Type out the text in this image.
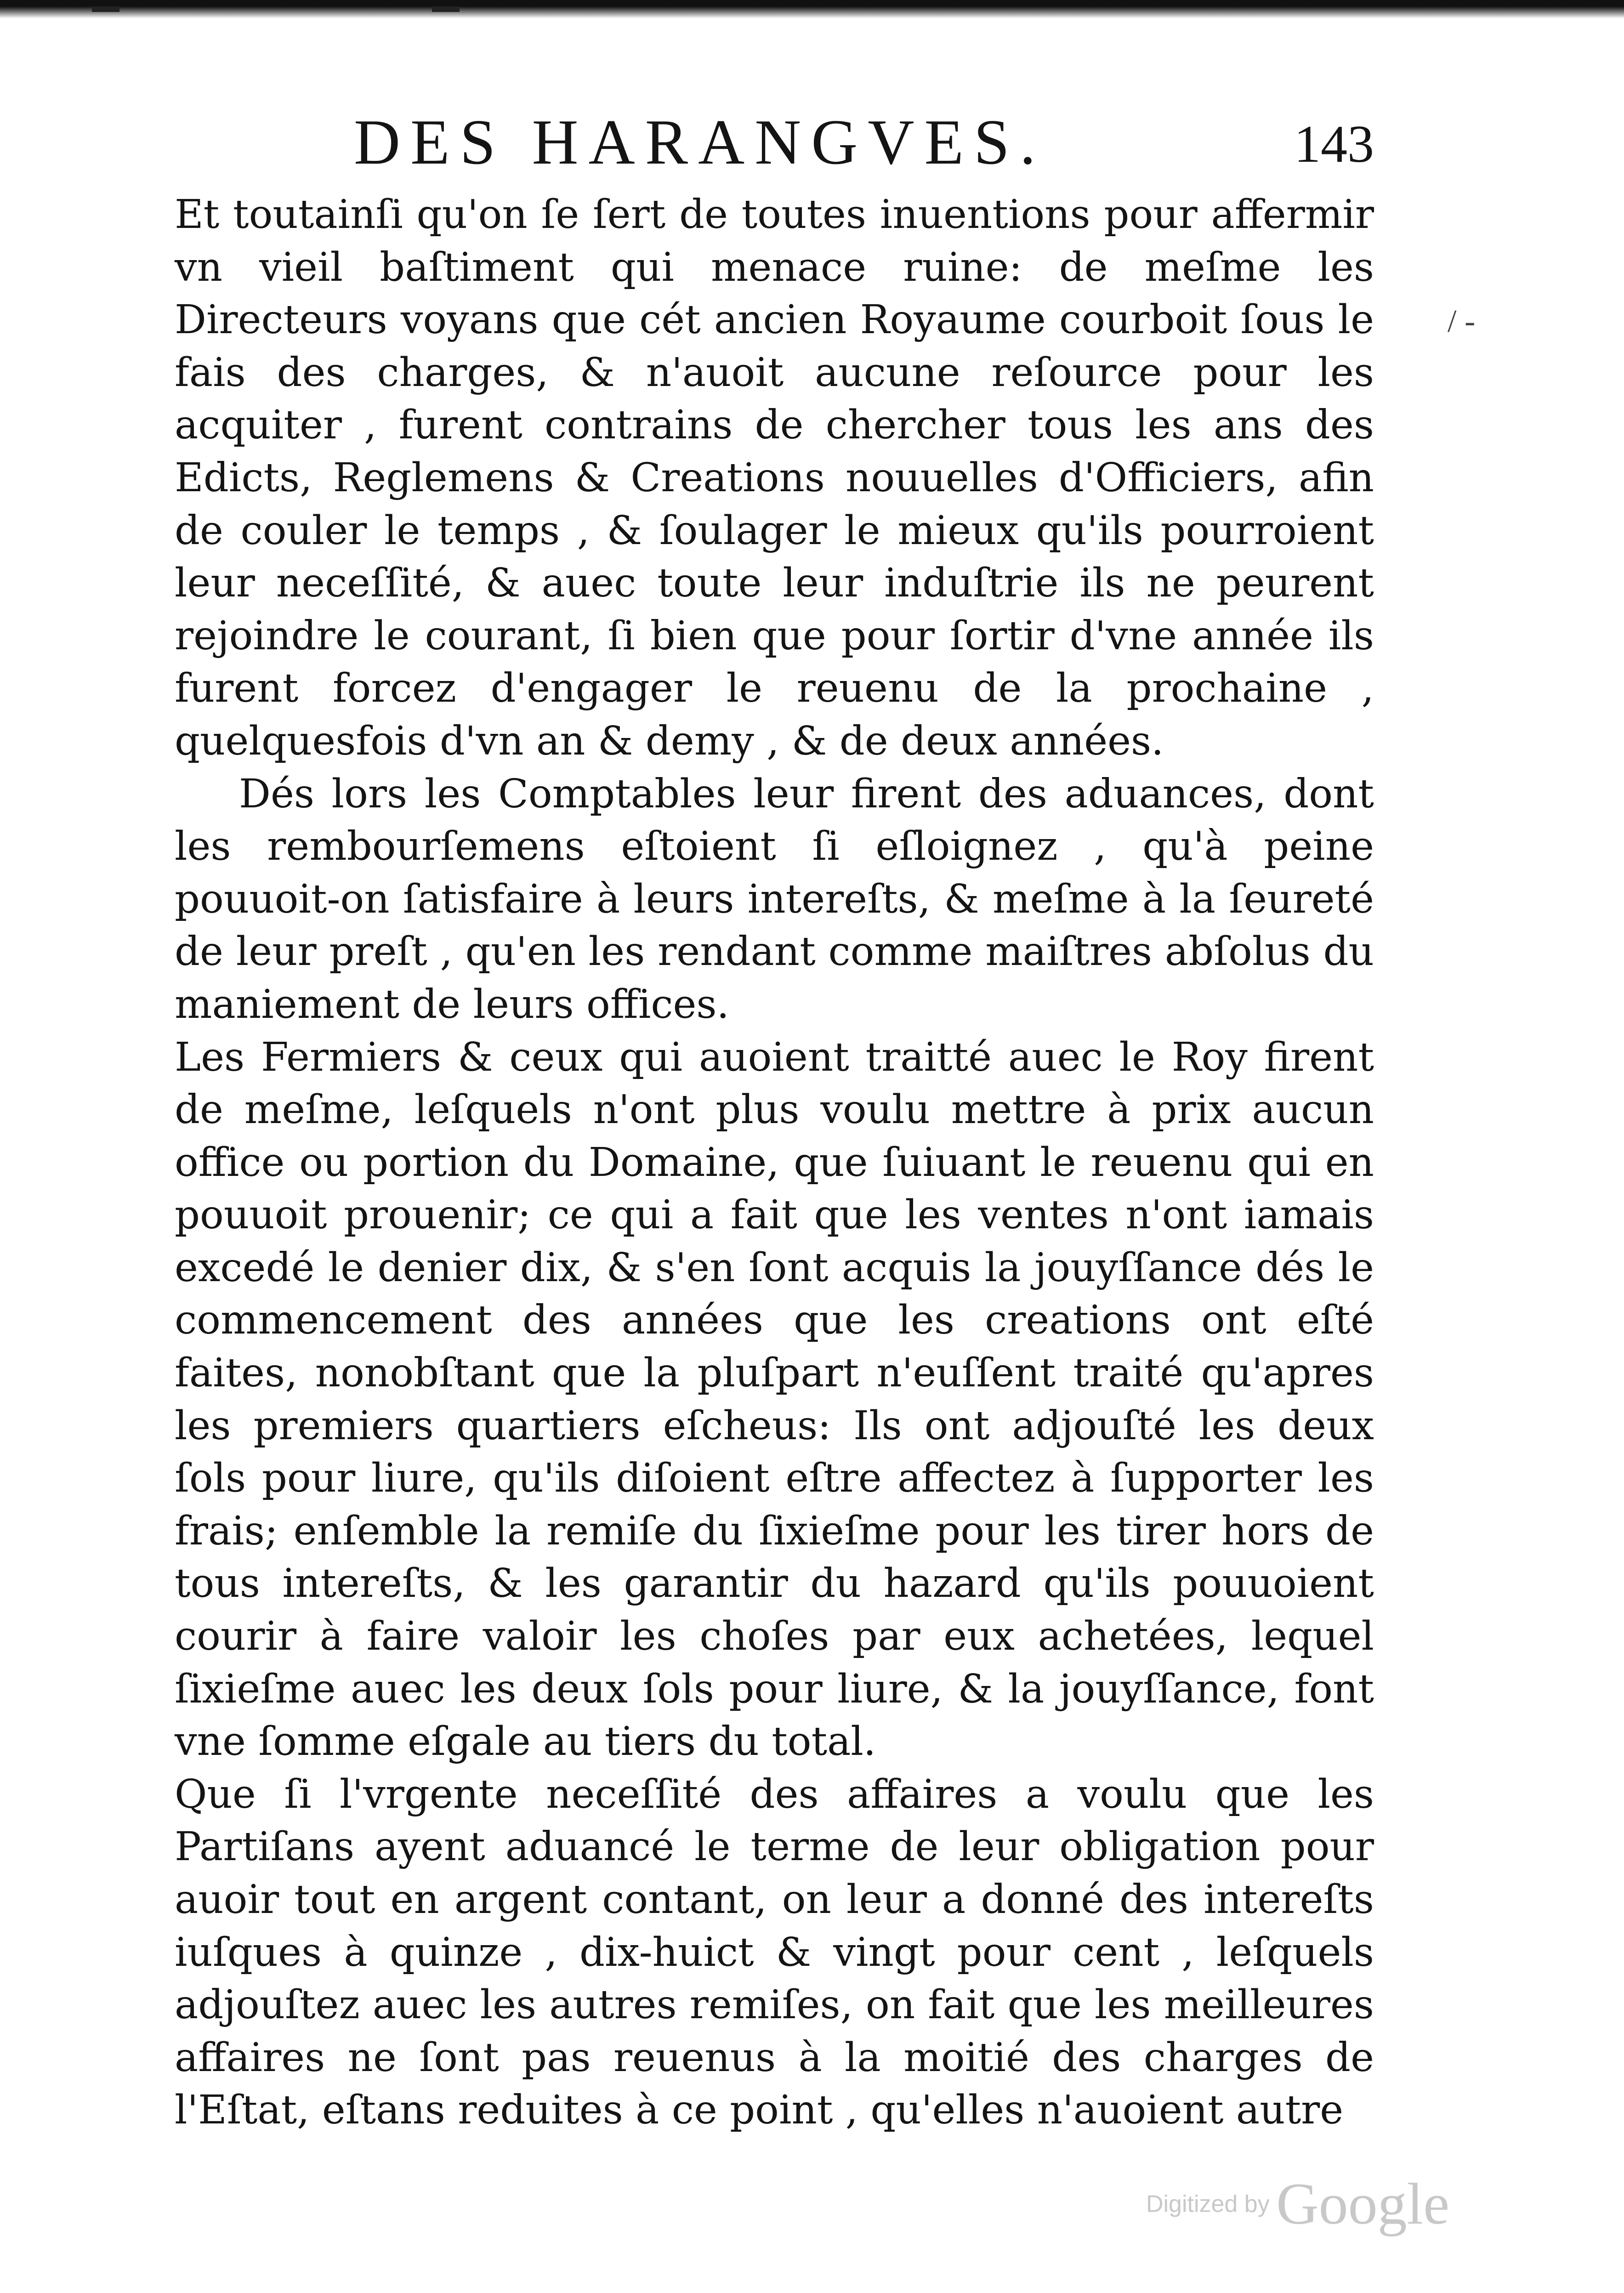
DES HARANGVES.	143

Et toutainſi qu'on ſe ſert de toutes inuentions pour affermir vn vieil baſtiment qui menace ruine: de meſme les Directeurs voyans que cét ancien Royaume courboit ſous le fais des charges, & n'auoit aucune reſource pour les acquiter , furent contrains de chercher tous les ans des Edicts, Reglemens & Creations nouuelles d'Officiers, afin de couler le temps , & ſoulager le mieux qu'ils pourroient leur neceſſité, & auec toute leur induſtrie ils ne peurent rejoindre le courant, ſi bien que pour ſortir d'vne année ils furent forcez d'engager le reuenu de la prochaine , quelquesfois d'vn an & demy , & de deux années.

Dés lors les Comptables leur firent des aduances, dont les rembourſemens eſtoient ſi eſloignez , qu'à peine pouuoit-on ſatisfaire à leurs intereſts, & meſme à la ſeureté de leur preſt , qu'en les rendant comme maiſtres abſolus du maniement de leurs offices.

Les Fermiers & ceux qui auoient traitté auec le Roy firent de meſme, leſquels n'ont plus voulu mettre à prix aucun office ou portion du Domaine, que ſuiuant le reuenu qui en pouuoit prouenir; ce qui a fait que les ventes n'ont iamais excedé le denier dix, & s'en ſont acquis la jouyſſance dés le commencement des années que les creations ont eſté faites, nonobſtant que la pluſpart n'euſſent traité qu'apres les premiers quartiers eſcheus: Ils ont adjouſté les deux ſols pour liure, qu'ils diſoient eſtre affectez à ſupporter les frais; enſemble la remiſe du ſixieſme pour les tirer hors de tous intereſts, & les garantir du hazard qu'ils pouuoient courir à faire valoir les choſes par eux achetées, lequel ſixieſme auec les deux ſols pour liure, & la jouyſſance, font vne ſomme eſgale au tiers du total.

Que ſi l'vrgente neceſſité des affaires a voulu que les Partiſans ayent aduancé le terme de leur obligation pour auoir tout en argent contant, on leur a donné des intereſts iuſques à quinze , dix-huict & vingt pour cent , leſquels adjouſtez auec les autres remiſes, on fait que les meilleures affaires ne ſont pas reuenus à la moitié des charges de l'Eſtat, eſtans reduites à ce point , qu'elles n'auoient autre

/ -
Digitized by Google
